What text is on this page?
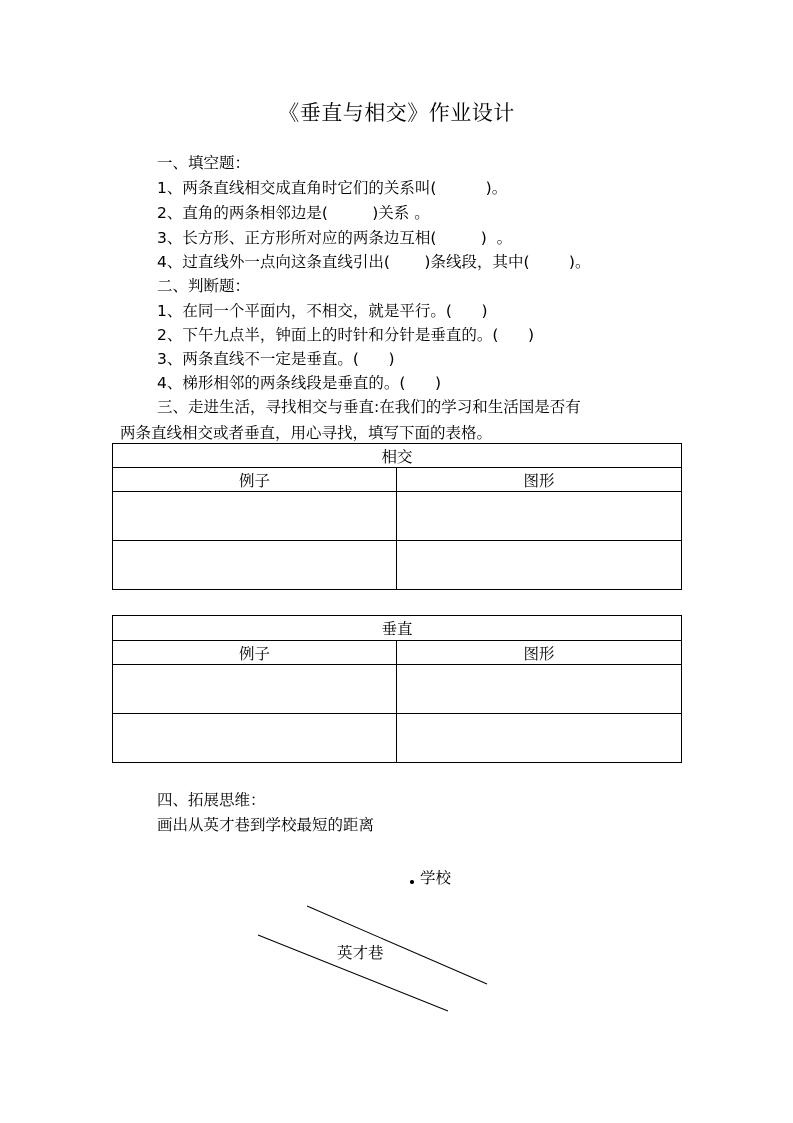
《垂直与相交》作业设计
一、填空题：
1、两条直线相交成直角时它们的关系叫(          )。
2、直角的两条相邻边是(         )关系 。
3、长方形、正方形所对应的两条边互相(         )  。
4、过直线外一点向这条直线引出(       )条线段，其中(        )。
二、判断题：
1、在同一个平面内，不相交，就是平行。(      )
2、下午九点半，钟面上的时针和分针是垂直的。(      )
3、两条直线不一定是垂直。(      )
4、梯形相邻的两条线段是垂直的。(      )
三、走进生活，寻找相交与垂直:在我们的学习和生活国是否有
两条直线相交或者垂直，用心寻找，填写下面的表格。
相交	
例子	图形

垂直	
例子	图形

四、拓展思维：
画出从英才巷到学校最短的距离
学校
英才巷
